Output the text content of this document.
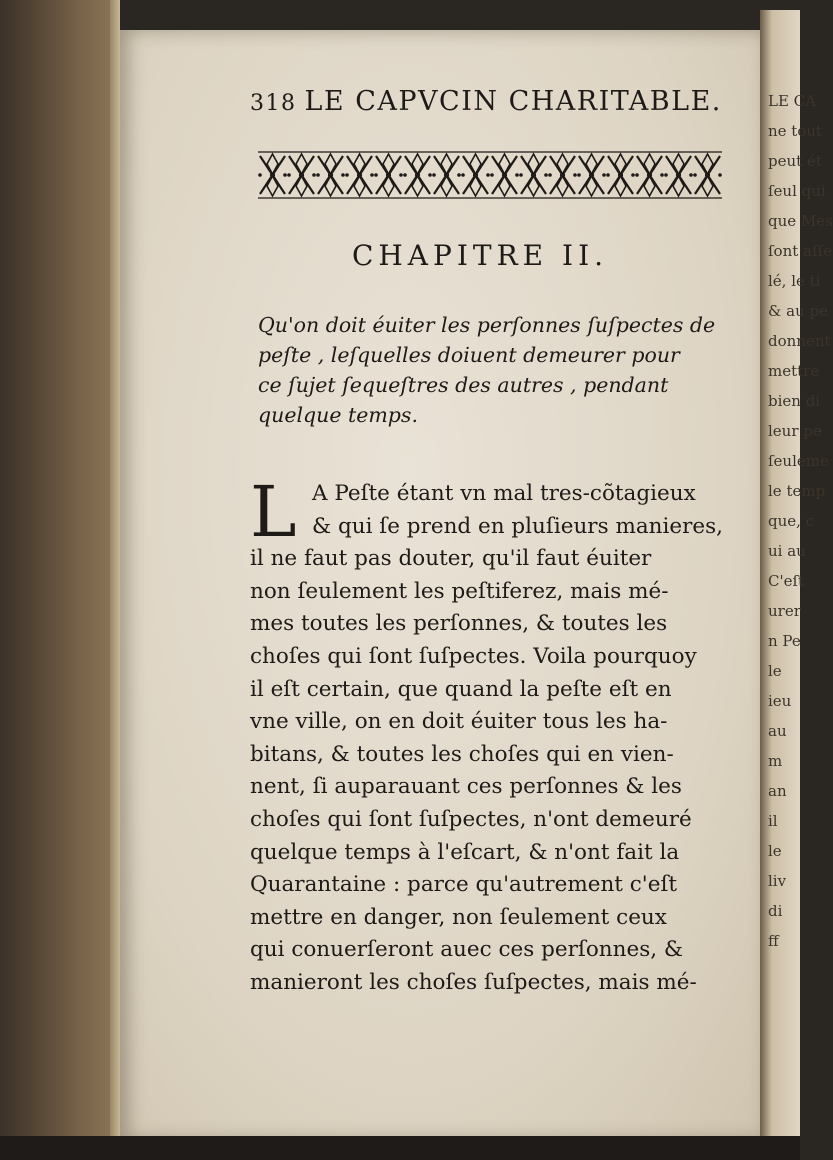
LE CA
ne tout
peut ét
ſeul qui
que Mes
ſont aſſe
lé, le ti
& au pe
donnent
mettre
bien di
leur pe
ſeuleme
le temp
que, c
ui au
C'eſt
urer
n Pe
le
ieu
au
m
an
il
le
liv
di
ff
318 LE CAPVCIN CHARITABLE.
CHAPITRE II.
Qu'on doit éuiter les perſonnes ſuſpectes de
peſte , leſquelles doiuent demeurer pour
ce ſujet ſequeſtres des autres , pendant
quelque temps.
L A Peſte étant vn mal tres-cõtagieux
& qui ſe prend en pluſieurs manieres,
il ne faut pas douter, qu'il faut éuiter
non ſeulement les peſtiferez, mais mé-
mes toutes les perſonnes, & toutes les
choſes qui ſont ſuſpectes. Voila pourquoy
il eſt certain, que quand la peſte eſt en
vne ville, on en doit éuiter tous les ha-
bitans, & toutes les choſes qui en vien-
nent, ſi auparauant ces perſonnes & les
choſes qui ſont ſuſpectes, n'ont demeuré
quelque temps à l'eſcart, & n'ont fait la
Quarantaine : parce qu'autrement c'eſt
mettre en danger, non ſeulement ceux
qui conuerſeront auec ces perſonnes, &
manieront les choſes ſuſpectes, mais mé-
